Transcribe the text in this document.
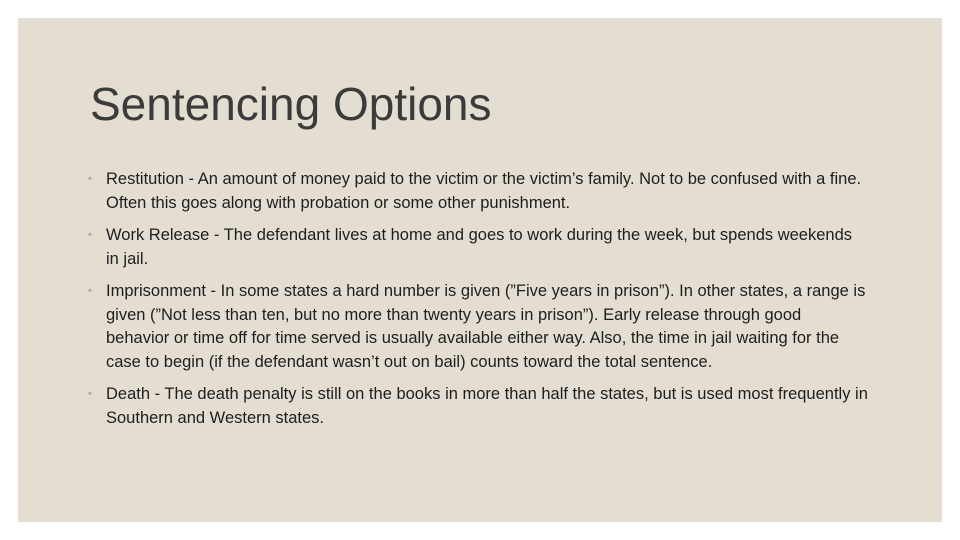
Sentencing Options
◦ Restitution - An amount of money paid to the victim or the victim’s family. Not to be confused with a fine. Often this goes along with probation or some other punishment.
◦ Work Release - The defendant lives at home and goes to work during the week, but spends weekends in jail.
◦ Imprisonment - In some states a hard number is given (”Five years in prison”). In other states, a range is given (”Not less than ten, but no more than twenty years in prison”). Early release through good behavior or time off for time served is usually available either way. Also, the time in jail waiting for the case to begin (if the defendant wasn’t out on bail) counts toward the total sentence.
◦ Death - The death penalty is still on the books in more than half the states, but is used most frequently in Southern and Western states.
